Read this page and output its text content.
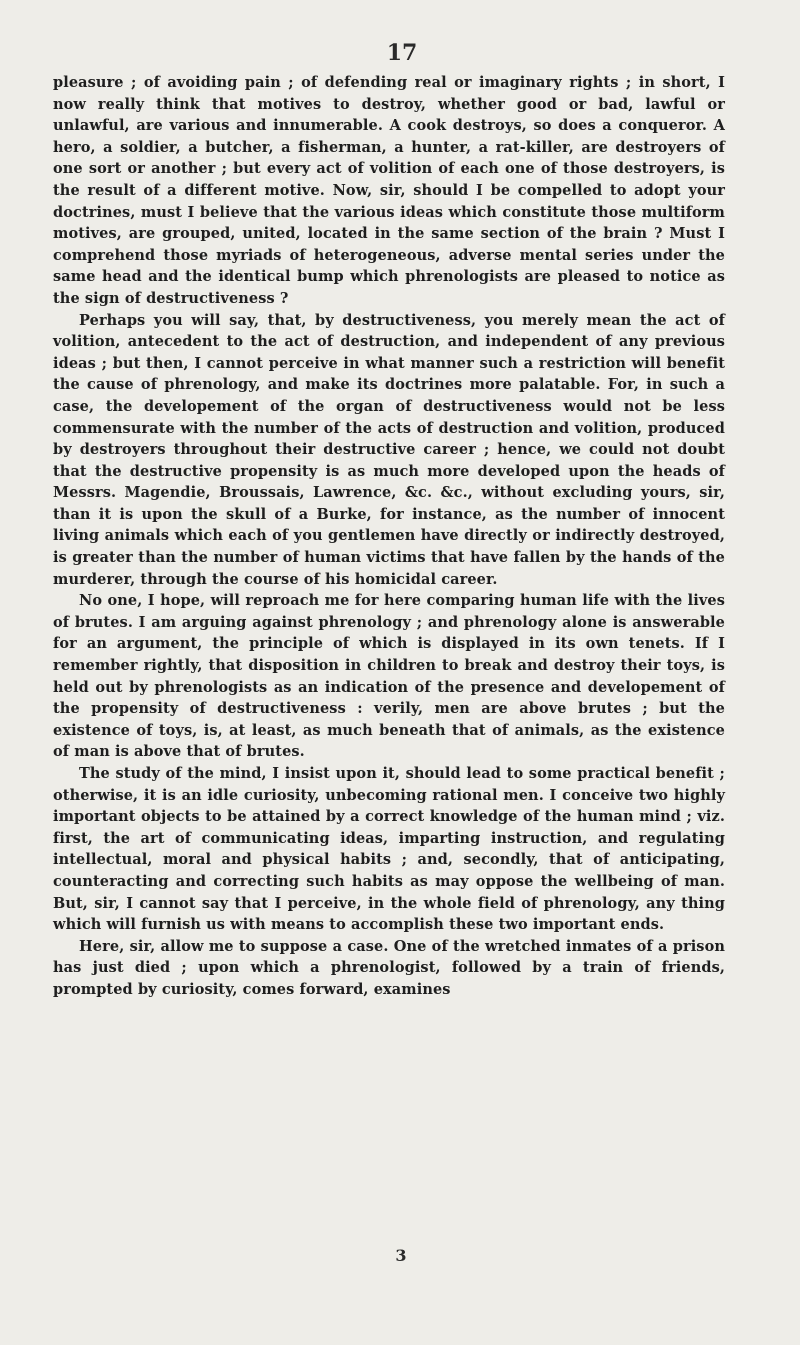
17

pleasure ; of avoiding pain ; of defending real or imaginary rights ; in short, I now really think that motives to destroy, whether good or bad, lawful or unlawful, are various and innumerable. A cook destroys, so does a conqueror. A hero, a soldier, a butcher, a fisherman, a hunter, a rat-killer, are destroyers of one sort or another ; but every act of volition of each one of those destroyers, is the result of a different motive. Now, sir, should I be compelled to adopt your doctrines, must I believe that the various ideas which constitute those multiform motives, are grouped, united, located in the same section of the brain ? Must I comprehend those myriads of heterogeneous, adverse mental series under the same head and the identical bump which phrenologists are pleased to notice as the sign of destructiveness ?

Perhaps you will say, that, by destructiveness, you merely mean the act of volition, antecedent to the act of destruction, and independent of any previous ideas ; but then, I cannot perceive in what manner such a restriction will benefit the cause of phrenology, and make its doctrines more palatable. For, in such a case, the developement of the organ of destructiveness would not be less commensurate with the number of the acts of destruction and volition, produced by destroyers throughout their destructive career ; hence, we could not doubt that the destructive propensity is as much more developed upon the heads of Messrs. Magendie, Broussais, Lawrence, &c. &c., without excluding yours, sir, than it is upon the skull of a Burke, for instance, as the number of innocent living animals which each of you gentlemen have directly or indirectly destroyed, is greater than the number of human victims that have fallen by the hands of the murderer, through the course of his homicidal career.

No one, I hope, will reproach me for here comparing human life with the lives of brutes. I am arguing against phrenology ; and phrenology alone is answerable for an argument, the principle of which is displayed in its own tenets. If I remember rightly, that disposition in children to break and destroy their toys, is held out by phrenologists as an indication of the presence and developement of the propensity of destructiveness : verily, men are above brutes ; but the existence of toys, is, at least, as much beneath that of animals, as the existence of man is above that of brutes.

The study of the mind, I insist upon it, should lead to some practical benefit ; otherwise, it is an idle curiosity, unbecoming rational men. I conceive two highly important objects to be attained by a correct knowledge of the human mind ; viz. first, the art of communicating ideas, imparting instruction, and regulating intellectual, moral and physical habits ; and, secondly, that of anticipating, counteracting and correcting such habits as may oppose the wellbeing of man. But, sir, I cannot say that I perceive, in the whole field of phrenology, any thing which will furnish us with means to accomplish these two important ends.

Here, sir, allow me to suppose a case. One of the wretched inmates of a prison has just died ; upon which a phrenologist, followed by a train of friends, prompted by curiosity, comes forward, examines

3
